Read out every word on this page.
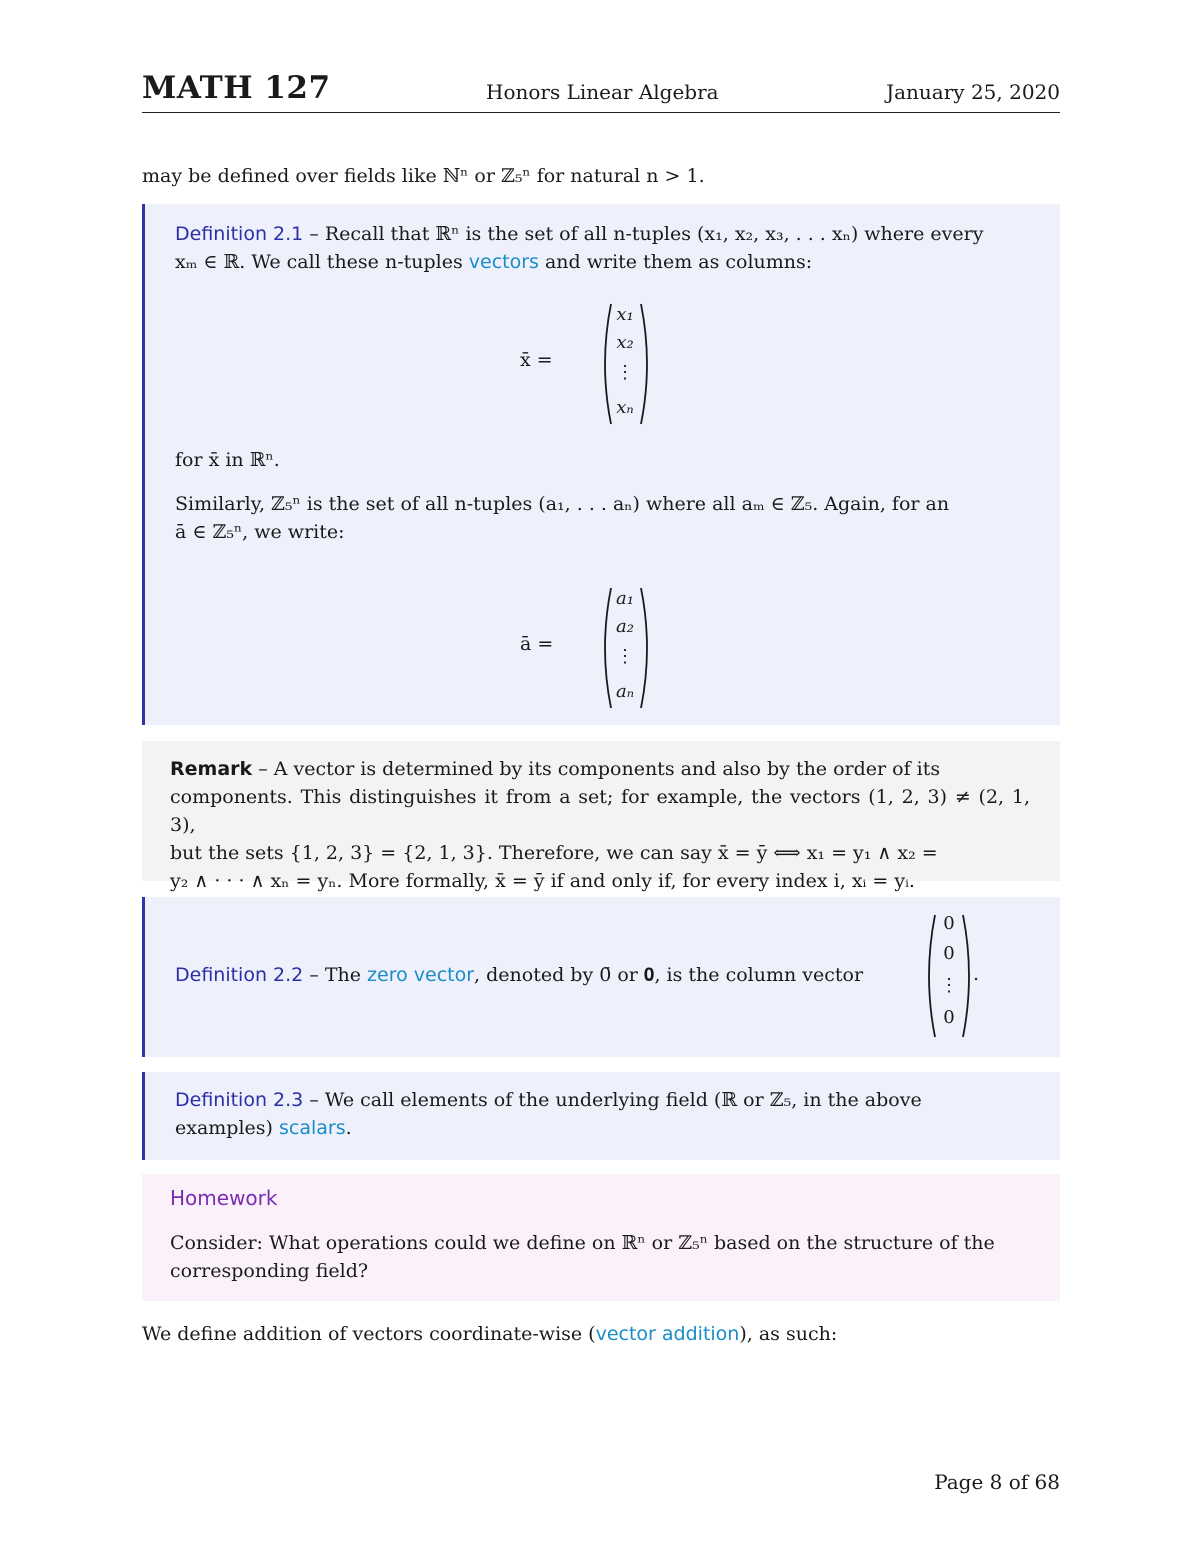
MATH 127	Honors Linear Algebra	January 25, 2020
may be defined over fields like ℕⁿ or ℤ₅ⁿ for natural n > 1.
Definition 2.1 – Recall that ℝⁿ is the set of all n-tuples (x₁, x₂, x₃, . . . xₙ) where every
xₘ ∈ ℝ. We call these n-tuples vectors and write them as columns:
x̄ =
x₁
x₂
⋮
xₙ
for x̄ in ℝⁿ.
Similarly, ℤ₅ⁿ is the set of all n-tuples (a₁, . . . aₙ) where all aₘ ∈ ℤ₅. Again, for an
ā ∈ ℤ₅ⁿ, we write:
ā =
a₁
a₂
⋮
aₙ
Remark – A vector is determined by its components and also by the order of its
components. This distinguishes it from a set; for example, the vectors (1, 2, 3) ≠ (2, 1, 3),
but the sets {1, 2, 3} = {2, 1, 3}. Therefore, we can say x̄ = ȳ ⟺ x₁ = y₁ ∧ x₂ =
y₂ ∧ · · · ∧ xₙ = yₙ. More formally, x̄ = ȳ if and only if, for every index i, xᵢ = yᵢ.
Definition 2.2 – The zero vector, denoted by 0̄ or 𝟎, is the column vector
0
0
⋮
0
.
Definition 2.3 – We call elements of the underlying field (ℝ or ℤ₅, in the above
examples) scalars.
Homework
Consider: What operations could we define on ℝⁿ or ℤ₅ⁿ based on the structure of the
corresponding field?
We define addition of vectors coordinate-wise (vector addition), as such:
Page 8 of 68
